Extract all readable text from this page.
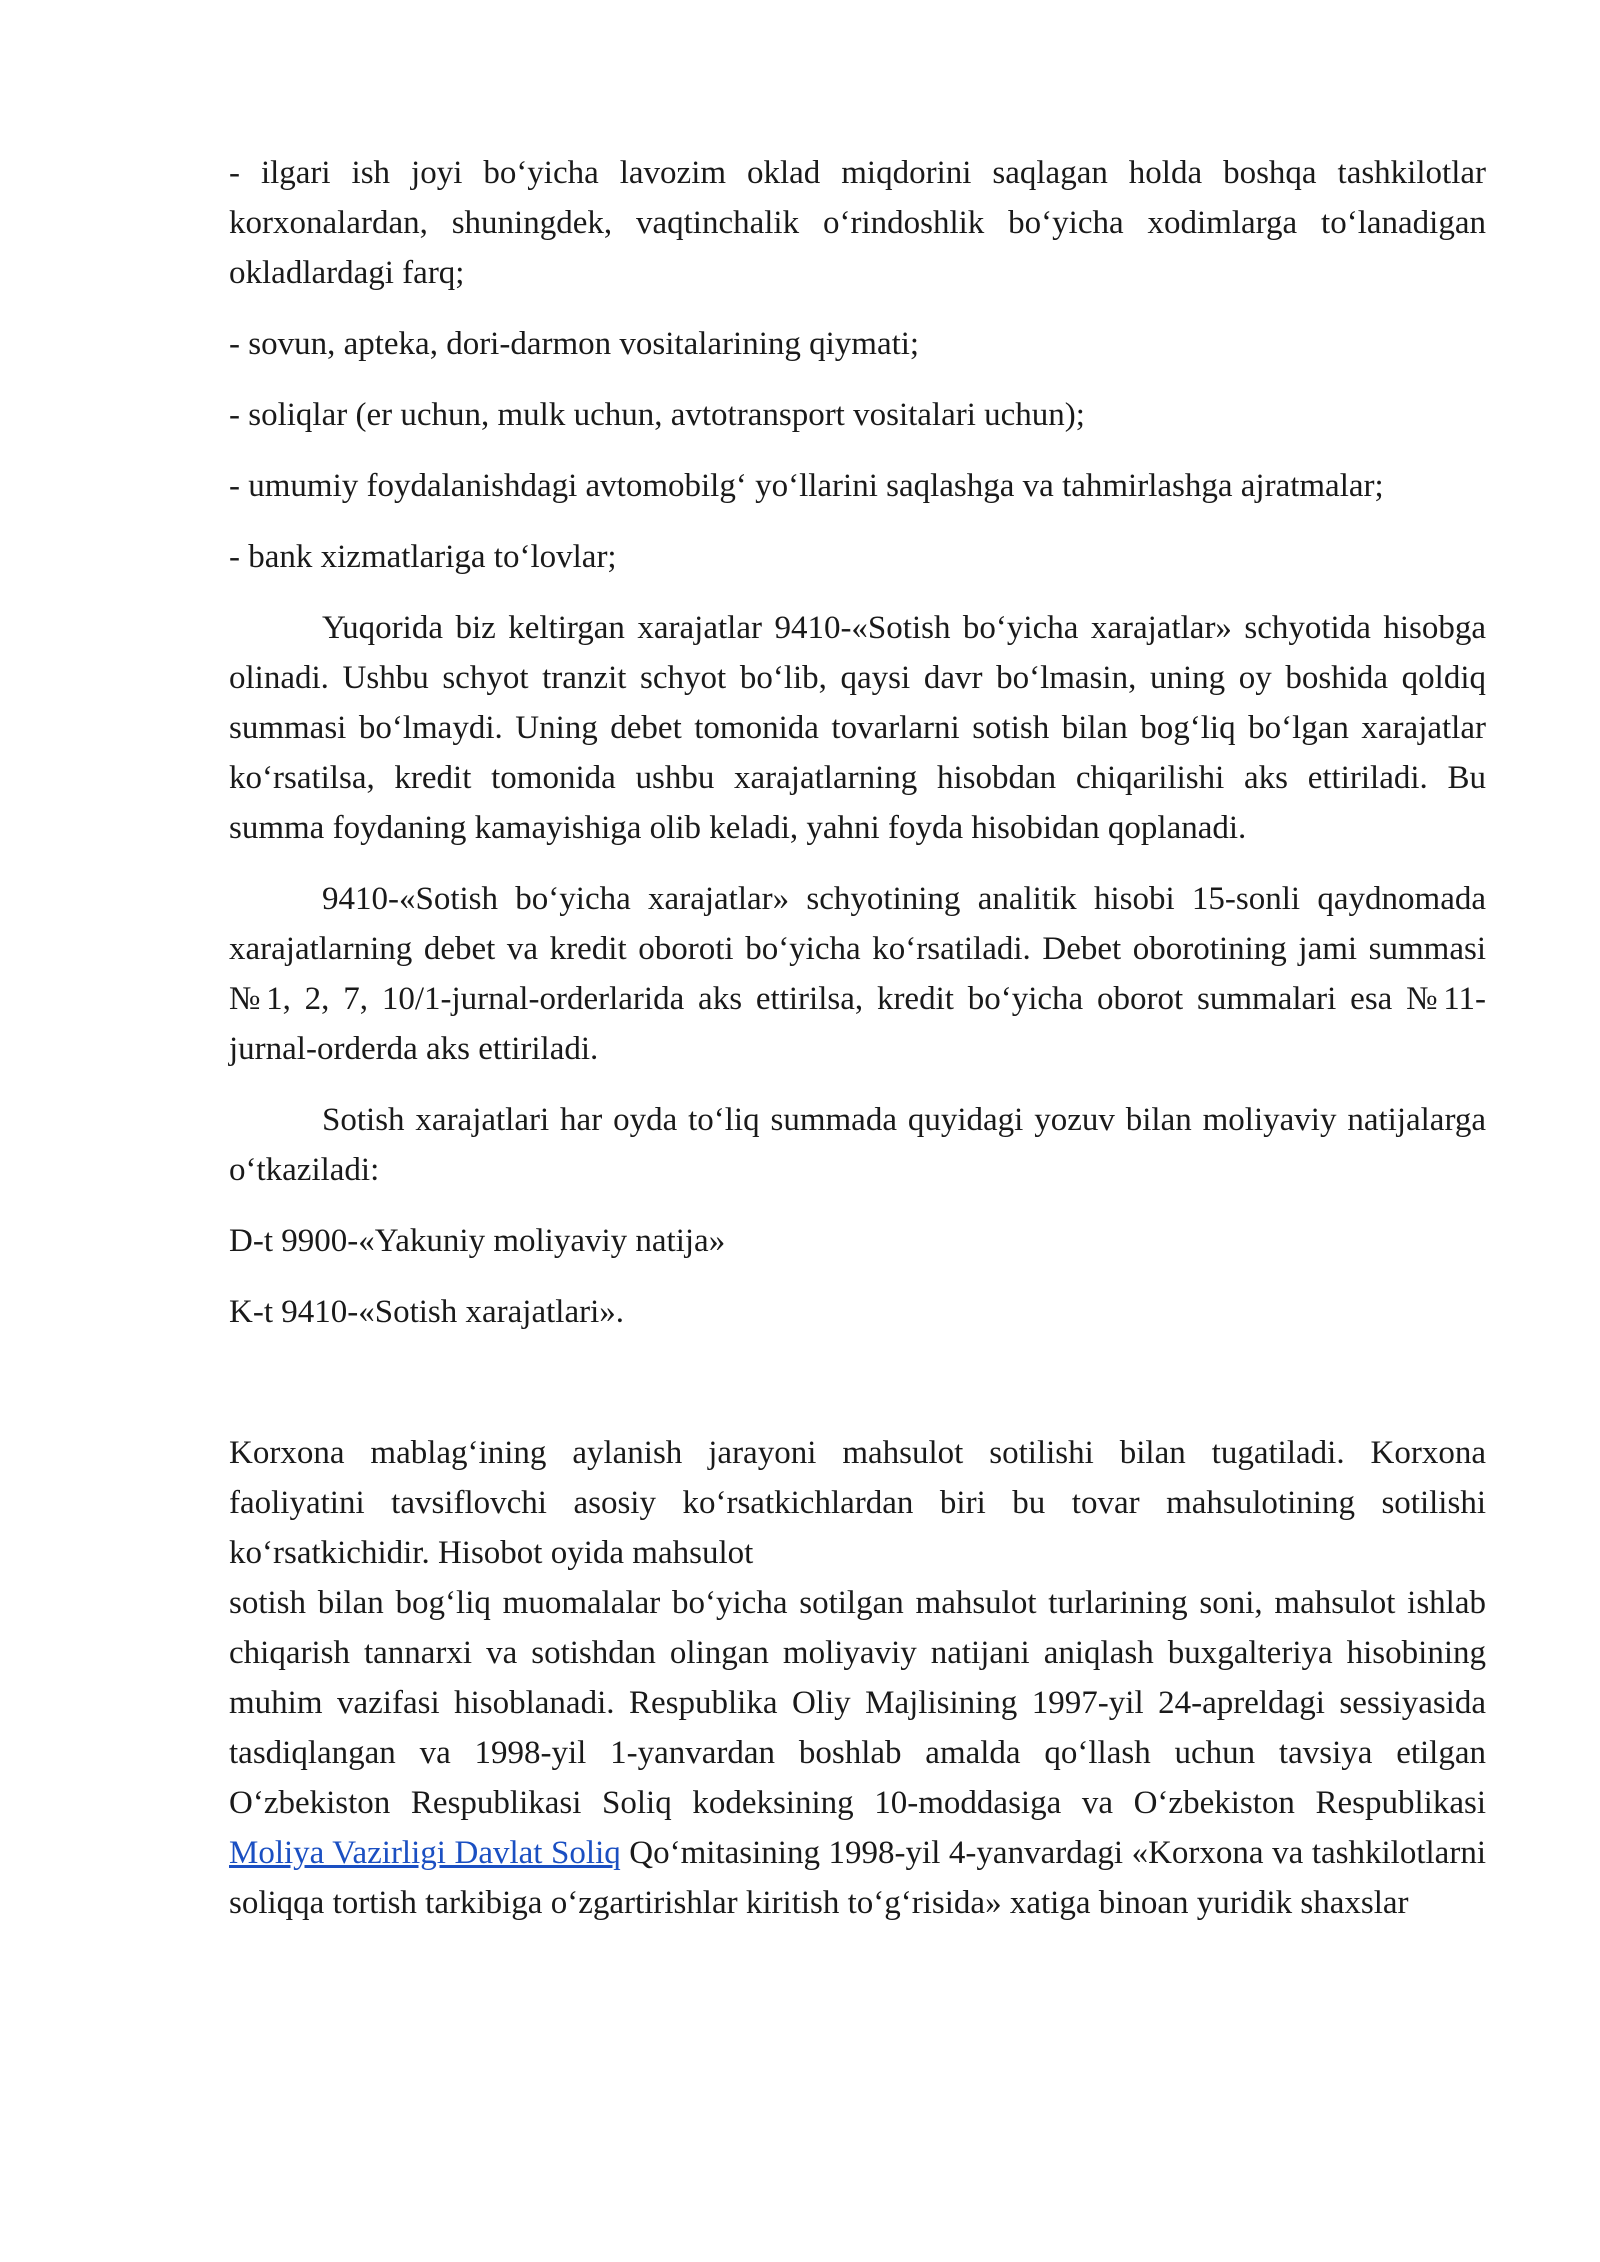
- ilgari ish joyi bo‘yicha lavozim oklad miqdorini saqlagan holda boshqa tashkilotlar korxonalardan, shuningdek, vaqtinchalik o‘rindoshlik bo‘yicha xodimlarga to‘lanadigan okladlardagi farq;

- sovun, apteka, dori-darmon vositalarining qiymati;

- soliqlar (er uchun, mulk uchun, avtotransport vositalari uchun);

- umumiy foydalanishdagi avtomobilg‘ yo‘llarini saqlashga va tahmirlashga ajratmalar;

- bank xizmatlariga to‘lovlar;

Yuqorida biz keltirgan xarajatlar 9410-«Sotish bo‘yicha xarajatlar» schyotida hisobga olinadi. Ushbu schyot tranzit schyot bo‘lib, qaysi davr bo‘lmasin, uning oy boshida qoldiq summasi bo‘lmaydi. Uning debet tomonida tovarlarni sotish bilan bog‘liq bo‘lgan xarajatlar ko‘rsatilsa, kredit tomonida ushbu xarajatlarning hisobdan chiqarilishi aks ettiriladi. Bu summa foydaning kamayishiga olib keladi, yahni foyda hisobidan qoplanadi.

9410-«Sotish bo‘yicha xarajatlar» schyotining analitik hisobi 15-sonli qaydnomada xarajatlarning debet va kredit oboroti bo‘yicha ko‘rsatiladi. Debet oborotining jami summasi №1, 2, 7, 10/1-jurnal-orderlarida aks ettirilsa, kredit bo‘yicha oborot summalari esa №11-jurnal-orderda aks ettiriladi.

Sotish xarajatlari har oyda to‘liq summada quyidagi yozuv bilan moliyaviy natijalarga o‘tkaziladi:

D-t 9900-«Yakuniy moliyaviy natija»

K-t 9410-«Sotish xarajatlari».

Korxona mablag‘ining aylanish jarayoni mahsulot sotilishi bilan tugatiladi. Korxona faoliyatini tavsiflovchi asosiy ko‘rsatkichlardan biri bu tovar mahsulotining sotilishi ko‘rsatkichidir. Hisobot oyida mahsulot

sotish bilan bog‘liq muomalalar bo‘yicha sotilgan mahsulot turlarining soni, mahsulot ishlab chiqarish tannarxi va sotishdan olingan moliyaviy natijani aniqlash buxgalteriya hisobining muhim vazifasi hisoblanadi. Respublika Oliy Majlisining 1997-yil 24-apreldagi sessiyasida tasdiqlangan va 1998-yil 1-yanvardan boshlab amalda qo‘llash uchun tavsiya etilgan O‘zbekiston Respublikasi Soliq kodeksining 10-moddasiga va O‘zbekiston Respublikasi Moliya Vazirligi Davlat Soliq Qo‘mitasining 1998-yil 4-yanvardagi «Korxona va tashkilotlarni soliqqa tortish tarkibiga o‘zgartirishlar kiritish to‘g‘risida» xatiga binoan yuridik shaxslar
